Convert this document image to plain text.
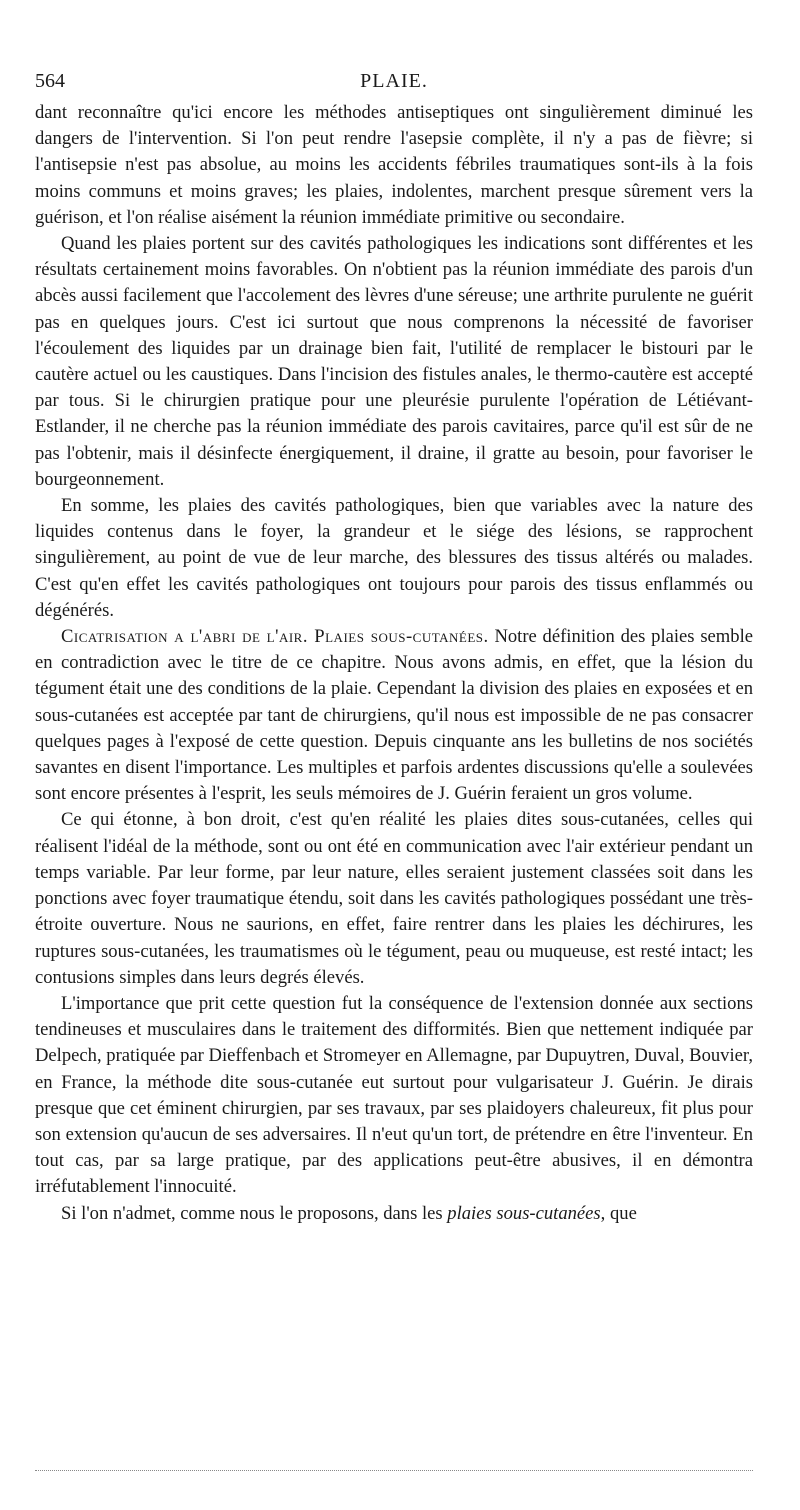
564	PLAIE.

dant reconnaître qu'ici encore les méthodes antiseptiques ont singulièrement diminué les dangers de l'intervention. Si l'on peut rendre l'asepsie complète, il n'y a pas de fièvre; si l'antisepsie n'est pas absolue, au moins les accidents fébriles traumatiques sont-ils à la fois moins communs et moins graves; les plaies, indolentes, marchent presque sûrement vers la guérison, et l'on réalise aisément la réunion immédiate primitive ou secondaire.

Quand les plaies portent sur des cavités pathologiques les indications sont différentes et les résultats certainement moins favorables. On n'obtient pas la réunion immédiate des parois d'un abcès aussi facilement que l'accolement des lèvres d'une séreuse; une arthrite purulente ne guérit pas en quelques jours. C'est ici surtout que nous comprenons la nécessité de favoriser l'écoulement des liquides par un drainage bien fait, l'utilité de remplacer le bistouri par le cautère actuel ou les caustiques. Dans l'incision des fistules anales, le thermo-cautère est accepté par tous. Si le chirurgien pratique pour une pleurésie purulente l'opération de Létiévant-Estlander, il ne cherche pas la réunion immédiate des parois cavitaires, parce qu'il est sûr de ne pas l'obtenir, mais il désinfecte énergiquement, il draine, il gratte au besoin, pour favoriser le bourgeonnement.

En somme, les plaies des cavités pathologiques, bien que variables avec la nature des liquides contenus dans le foyer, la grandeur et le siége des lésions, se rapprochent singulièrement, au point de vue de leur marche, des blessures des tissus altérés ou malades. C'est qu'en effet les cavités pathologiques ont toujours pour parois des tissus enflammés ou dégénérés.

Cicatrisation a l'abri de l'air. Plaies sous-cutanées. Notre définition des plaies semble en contradiction avec le titre de ce chapitre. Nous avons admis, en effet, que la lésion du tégument était une des conditions de la plaie. Cependant la division des plaies en exposées et en sous-cutanées est acceptée par tant de chirurgiens, qu'il nous est impossible de ne pas consacrer quelques pages à l'exposé de cette question. Depuis cinquante ans les bulletins de nos sociétés savantes en disent l'importance. Les multiples et parfois ardentes discussions qu'elle a soulevées sont encore présentes à l'esprit, les seuls mémoires de J. Guérin feraient un gros volume.

Ce qui étonne, à bon droit, c'est qu'en réalité les plaies dites sous-cutanées, celles qui réalisent l'idéal de la méthode, sont ou ont été en communication avec l'air extérieur pendant un temps variable. Par leur forme, par leur nature, elles seraient justement classées soit dans les ponctions avec foyer traumatique étendu, soit dans les cavités pathologiques possédant une très-étroite ouverture. Nous ne saurions, en effet, faire rentrer dans les plaies les déchirures, les ruptures sous-cutanées, les traumatismes où le tégument, peau ou muqueuse, est resté intact; les contusions simples dans leurs degrés élevés.

L'importance que prit cette question fut la conséquence de l'extension donnée aux sections tendineuses et musculaires dans le traitement des difformités. Bien que nettement indiquée par Delpech, pratiquée par Dieffenbach et Stromeyer en Allemagne, par Dupuytren, Duval, Bouvier, en France, la méthode dite sous-cutanée eut surtout pour vulgarisateur J. Guérin. Je dirais presque que cet éminent chirurgien, par ses travaux, par ses plaidoyers chaleureux, fit plus pour son extension qu'aucun de ses adversaires. Il n'eut qu'un tort, de prétendre en être l'inventeur. En tout cas, par sa large pratique, par des applications peut-être abusives, il en démontra irréfutablement l'innocuité.

Si l'on n'admet, comme nous le proposons, dans les plaies sous-cutanées, que
